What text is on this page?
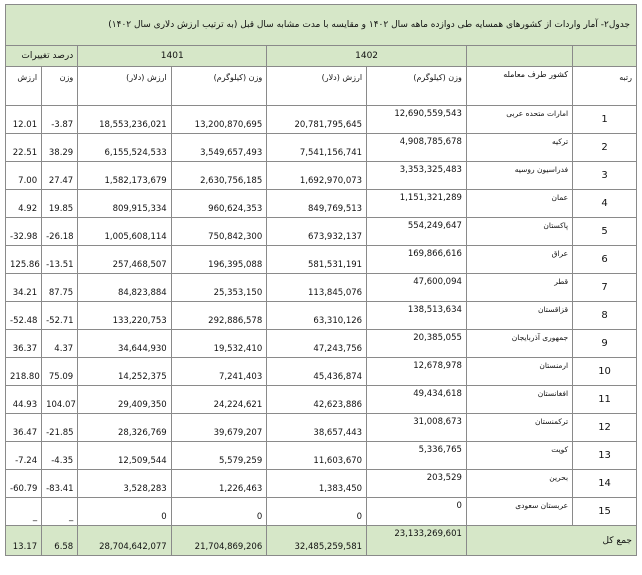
جدول۲- آمار واردات از کشورهای همسایه طی دوازده ماهه سال ۱۴۰۲ و مقایسه با مدت مشابه سال قبل (به ترتیب ارزش دلاری سال ۱۴۰۲)							
درصد تغییرات		1401		1402			
ارزش	وزن	ارزش (دلار)	وزن (کیلوگرم)	ارزش (دلار)	وزن (کیلوگرم)	کشور طرف معامله	رتبه
12.01	-3.87	18,553,236,021	13,200,870,695	20,781,795,645	12,690,559,543	امارات متحده عربی	1
22.51	38.29	6,155,524,533	3,549,657,493	7,541,156,741	4,908,785,678	ترکیه	2
7.00	27.47	1,582,173,679	2,630,756,185	1,692,970,073	3,353,325,483	فدراسیون روسیه	3
4.92	19.85	809,915,334	960,624,353	849,769,513	1,151,321,289	عمان	4
-32.98	-26.18	1,005,608,114	750,842,300	673,932,137	554,249,647	پاکستان	5
125.86	-13.51	257,468,507	196,395,088	581,531,191	169,866,616	عراق	6
34.21	87.75	84,823,884	25,353,150	113,845,076	47,600,094	قطر	7
-52.48	-52.71	133,220,753	292,886,578	63,310,126	138,513,634	قزاقستان	8
36.37	4.37	34,644,930	19,532,410	47,243,756	20,385,055	جمهوری آذربایجان	9
218.80	75.09	14,252,375	7,241,403	45,436,874	12,678,978	ارمنستان	10
44.93	104.07	29,409,350	24,224,621	42,623,886	49,434,618	افغانستان	11
36.47	-21.85	28,326,769	39,679,207	38,657,443	31,008,673	ترکمنستان	12
-7.24	-4.35	12,509,544	5,579,259	11,603,670	5,336,765	کویت	13
-60.79	-83.41	3,528,283	1,226,463	1,383,450	203,529	بحرین	14
_	_	0	0	0	0	عربستان سعودی	15
13.17	6.58	28,704,642,077	21,704,869,206	32,485,259,581	23,133,269,601	جمع کل	
